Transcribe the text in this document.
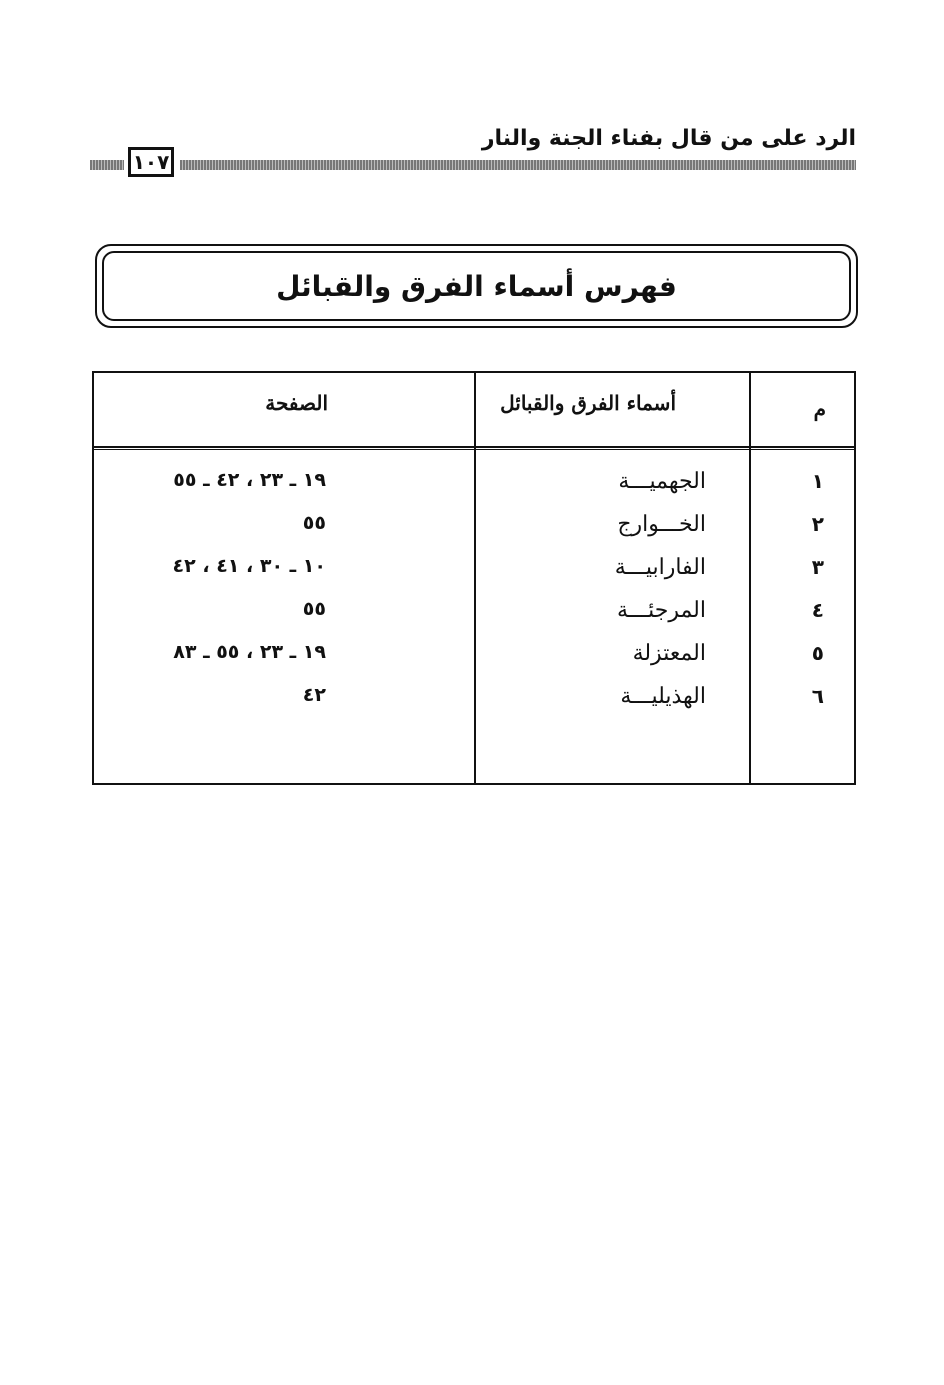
الرد على من قال بفناء الجنة والنار
١٠٧
فهرس أسماء الفرق والقبائل
م
أسماء الفرق والقبائل
الصفحة
١
الجهميـــة
١٩ ـ ٢٣ ، ٤٢ ـ ٥٥
٢
الخـــوارج
٥٥
٣
الفارابيـــة
١٠ ـ ٣٠ ، ٤١ ، ٤٢
٤
المرجئـــة
٥٥
٥
المعتزلة
١٩ ـ ٢٣ ، ٥٥ ـ ٨٣
٦
الهذيليـــة
٤٢
